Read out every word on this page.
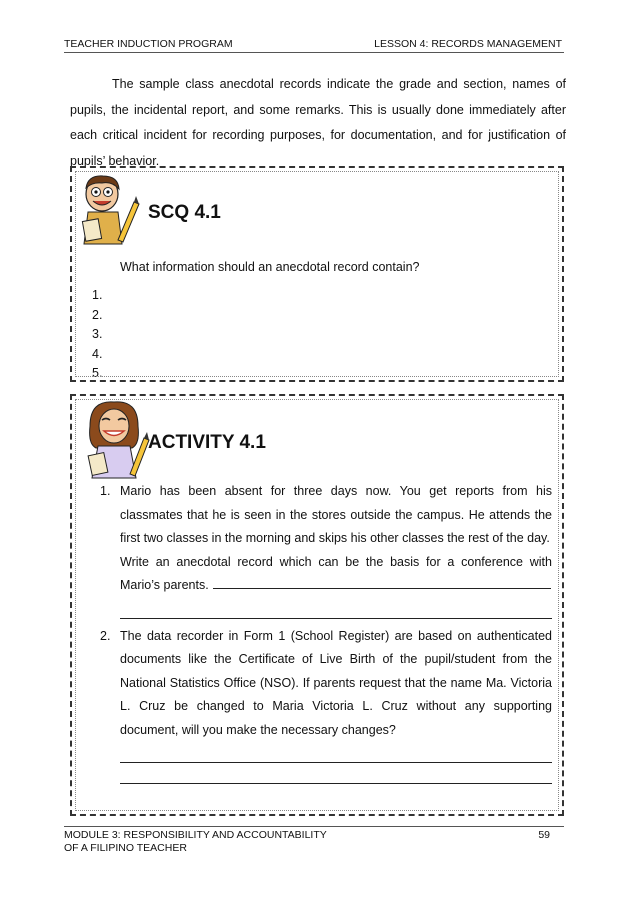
TEACHER INDUCTION PROGRAM	LESSON 4: RECORDS MANAGEMENT

The sample class anecdotal records indicate the grade and section, names of pupils, the incidental report, and some remarks. This is usually done immediately after each critical incident for recording purposes, for documentation, and for justification of pupils’ behavior.

SCQ 4.1
What information should an anecdotal record contain?
1.
2.
3.
4.
5.
ACTIVITY 4.1
1. Mario has been absent for three days now. You get reports from his classmates that he is seen in the stores outside the campus. He attends the first two classes in the morning and skips his other classes the rest of the day.

Write an anecdotal record which can be the basis for a conference with Mario’s parents.

2. The data recorder in Form 1 (School Register) are based on authenticated documents like the Certificate of Live Birth of the pupil/student from the National Statistics Office (NSO). If parents request that the name Ma. Victoria L. Cruz be changed to Maria Victoria L. Cruz without any supporting document, will you make the necessary changes?

MODULE 3: RESPONSIBILITY AND ACCOUNTABILITY
OF A FILIPINO TEACHER
59
